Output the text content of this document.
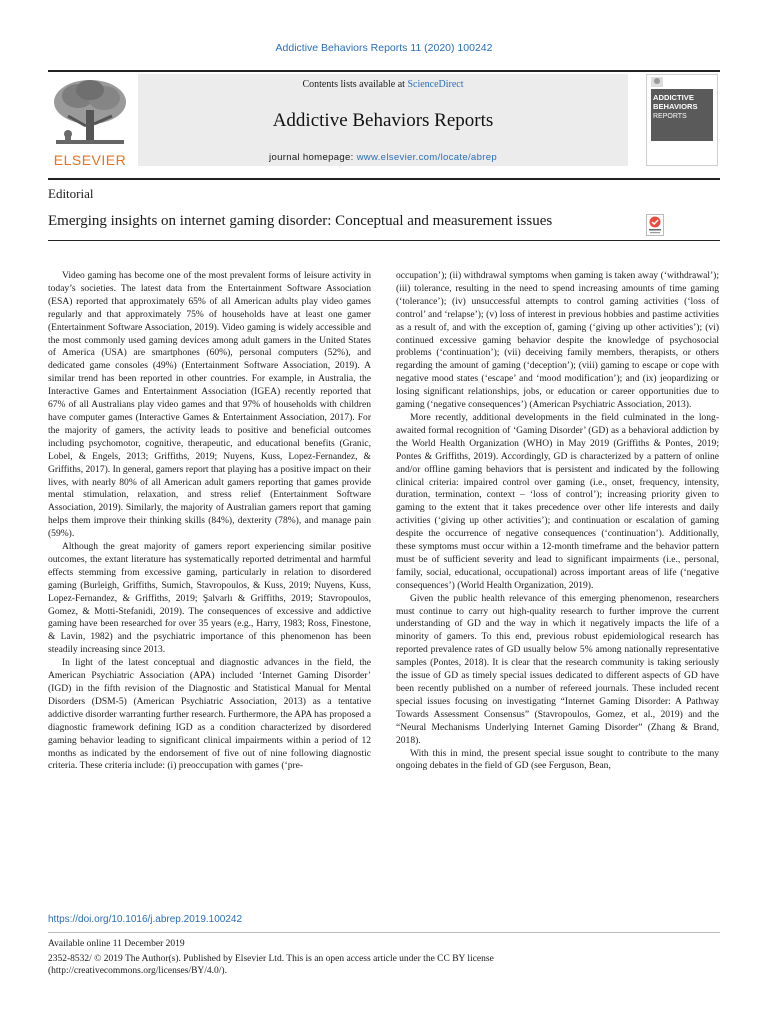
Addictive Behaviors Reports 11 (2020) 100242
ELSEVIER
Contents lists available at ScienceDirect
Addictive Behaviors Reports
journal homepage: www.elsevier.com/locate/abrep
ADDICTIVE BEHAVIORS
REPORTS
Editorial
Emerging insights on internet gaming disorder: Conceptual and measurement issues

Video gaming has become one of the most prevalent forms of leisure activity in today’s societies. The latest data from the Entertainment Software Association (ESA) reported that approximately 65% of all American adults play video games regularly and that approximately 75% of households have at least one gamer (Entertainment Software Association, 2019). Video gaming is widely accessible and the most commonly used gaming devices among adult gamers in the United States of America (USA) are smartphones (60%), personal computers (52%), and dedicated game consoles (49%) (Entertainment Software Association, 2019). A similar trend has been reported in other countries. For example, in Australia, the Interactive Games and Entertainment Association (IGEA) recently reported that 67% of all Australians play video games and that 97% of households with children have computer games (Interactive Games & Entertainment Association, 2017). For the majority of gamers, the activity leads to positive and beneficial outcomes including psychomotor, cognitive, therapeutic, and educational benefits (Granic, Lobel, & Engels, 2013; Griffiths, 2019; Nuyens, Kuss, Lopez-Fernandez, & Griffiths, 2017). In general, gamers report that playing has a positive impact on their lives, with nearly 80% of all American adult gamers reporting that games provide mental stimulation, relaxation, and stress relief (Entertainment Software Association, 2019). Similarly, the majority of Australian gamers report that gaming helps them improve their thinking skills (84%), dexterity (78%), and manage pain (59%).

Although the great majority of gamers report experiencing similar positive outcomes, the extant literature has systematically reported detrimental and harmful effects stemming from excessive gaming, particularly in relation to disordered gaming (Burleigh, Griffiths, Sumich, Stavropoulos, & Kuss, 2019; Nuyens, Kuss, Lopez-Fernandez, & Griffiths, 2019; Şalvarlı & Griffiths, 2019; Stavropoulos, Gomez, & Motti-Stefanidi, 2019). The consequences of excessive and addictive gaming have been researched for over 35 years (e.g., Harry, 1983; Ross, Finestone, & Lavin, 1982) and the psychiatric importance of this phenomenon has been steadily increasing since 2013.

In light of the latest conceptual and diagnostic advances in the field, the American Psychiatric Association (APA) included ‘Internet Gaming Disorder’ (IGD) in the fifth revision of the Diagnostic and Statistical Manual for Mental Disorders (DSM-5) (American Psychiatric Association, 2013) as a tentative addictive disorder warranting further research. Furthermore, the APA has proposed a diagnostic framework defining IGD as a condition characterized by disordered gaming behavior leading to significant clinical impairments within a period of 12 months as indicated by the endorsement of five out of nine following diagnostic criteria. These criteria include: (i) preoccupation with games (‘pre-

occupation’); (ii) withdrawal symptoms when gaming is taken away (‘withdrawal’); (iii) tolerance, resulting in the need to spend increasing amounts of time gaming (‘tolerance’); (iv) unsuccessful attempts to control gaming activities (‘loss of control’ and ‘relapse’); (v) loss of interest in previous hobbies and pastime activities as a result of, and with the exception of, gaming (‘giving up other activities’); (vi) continued excessive gaming behavior despite the knowledge of psychosocial problems (‘continuation’); (vii) deceiving family members, therapists, or others regarding the amount of gaming (‘deception’); (viii) gaming to escape or cope with negative mood states (‘escape’ and ‘mood modification’); and (ix) jeopardizing or losing significant relationships, jobs, or education or career opportunities due to gaming (‘negative consequences’) (American Psychiatric Association, 2013).

More recently, additional developments in the field culminated in the long-awaited formal recognition of ‘Gaming Disorder’ (GD) as a behavioral addiction by the World Health Organization (WHO) in May 2019 (Griffiths & Pontes, 2019; Pontes & Griffiths, 2019). Accordingly, GD is characterized by a pattern of online and/or offline gaming behaviors that is persistent and indicated by the following clinical criteria: impaired control over gaming (i.e., onset, frequency, intensity, duration, termination, context – ‘loss of control’); increasing priority given to gaming to the extent that it takes precedence over other life interests and daily activities (‘giving up other activities’); and continuation or escalation of gaming despite the occurrence of negative consequences (‘continuation’). Additionally, these symptoms must occur within a 12-month timeframe and the behavior pattern must be of sufficient severity and lead to significant impairments (i.e., personal, family, social, educational, occupational) across important areas of life (‘negative consequences’) (World Health Organization, 2019).

Given the public health relevance of this emerging phenomenon, researchers must continue to carry out high-quality research to further improve the current understanding of GD and the way in which it negatively impacts the life of a minority of gamers. To this end, previous robust epidemiological research has reported prevalence rates of GD usually below 5% among nationally representative samples (Pontes, 2018). It is clear that the research community is taking seriously the issue of GD as timely special issues dedicated to different aspects of GD have been recently published on a number of refereed journals. These included recent special issues focusing on investigating “Internet Gaming Disorder: A Pathway Towards Assessment Consensus” (Stavropoulos, Gomez, et al., 2019) and the “Neural Mechanisms Underlying Internet Gaming Disorder” (Zhang & Brand, 2018).

With this in mind, the present special issue sought to contribute to the many ongoing debates in the field of GD (see Ferguson, Bean,

https://doi.org/10.1016/j.abrep.2019.100242
Available online 11 December 2019
2352-8532/ © 2019 The Author(s). Published by Elsevier Ltd. This is an open access article under the CC BY license
(http://creativecommons.org/licenses/BY/4.0/).
